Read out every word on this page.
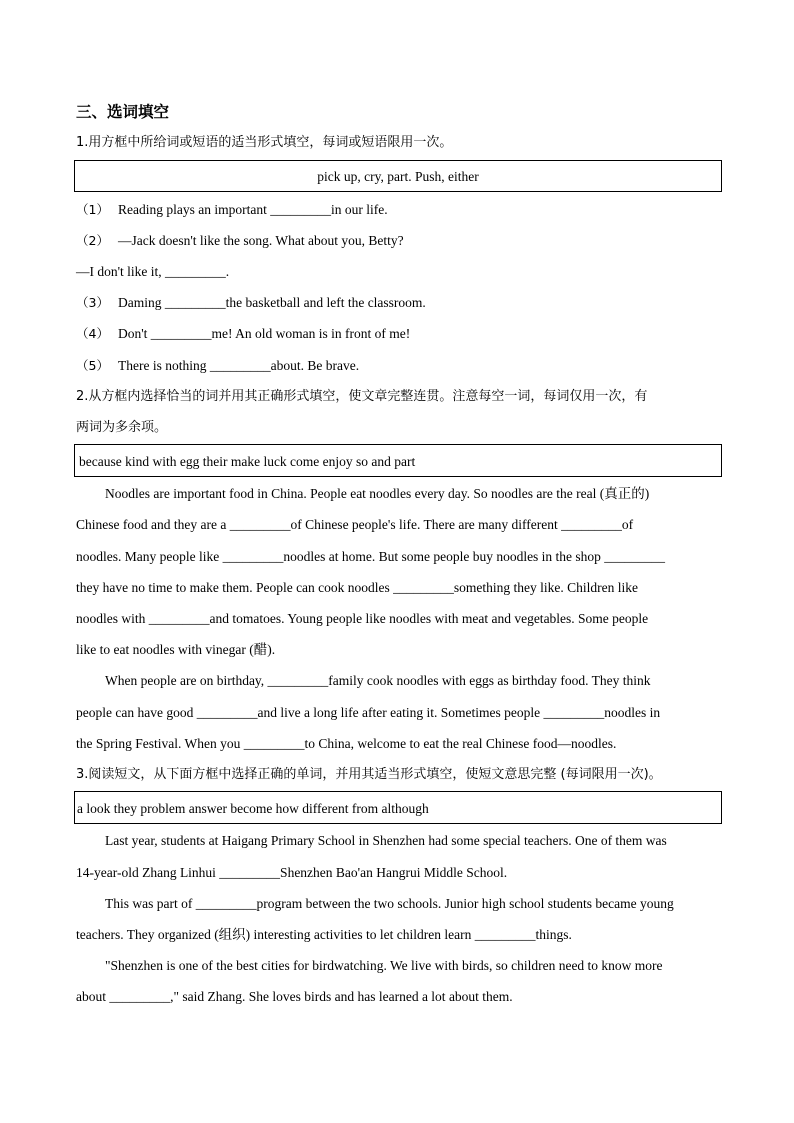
三、选词填空
1.用方框中所给词或短语的适当形式填空，每词或短语限用一次。
pick up, cry, part. Push, either
（1） Reading plays an important _________in our life.
（2） —Jack doesn't like the song. What about you, Betty?
—I don't like it, _________.
（3） Daming _________the basketball and left the classroom.
（4） Don't _________me! An old woman is in front of me!
（5） There is nothing _________about. Be brave.
2.从方框内选择恰当的词并用其正确形式填空，使文章完整连贯。注意每空一词，每词仅用一次，有
两词为多余项。
because kind with egg their make luck come enjoy so and part
Noodles are important food in China. People eat noodles every day. So noodles are the real (真正的)
Chinese food and they are a _________of Chinese people's life. There are many different _________of
noodles. Many people like _________noodles at home. But some people buy noodles in the shop _________
they have no time to make them. People can cook noodles _________something they like. Children like
noodles with _________and tomatoes. Young people like noodles with meat and vegetables. Some people
like to eat noodles with vinegar (醋).
When people are on birthday, _________family cook noodles with eggs as birthday food. They think
people can have good _________and live a long life after eating it. Sometimes people _________noodles in
the Spring Festival. When you _________to China, welcome to eat the real Chinese food—noodles.
3.阅读短文，从下面方框中选择正确的单词，并用其适当形式填空，使短文意思完整 (每词限用一次)。
a look they problem answer become how different from although
Last year, students at Haigang Primary School in Shenzhen had some special teachers. One of them was
14-year-old Zhang Linhui _________Shenzhen Bao'an Hangrui Middle School.
This was part of _________program between the two schools. Junior high school students became young
teachers. They organized (组织) interesting activities to let children learn _________things.
"Shenzhen is one of the best cities for birdwatching. We live with birds, so children need to know more
about _________," said Zhang. She loves birds and has learned a lot about them.
